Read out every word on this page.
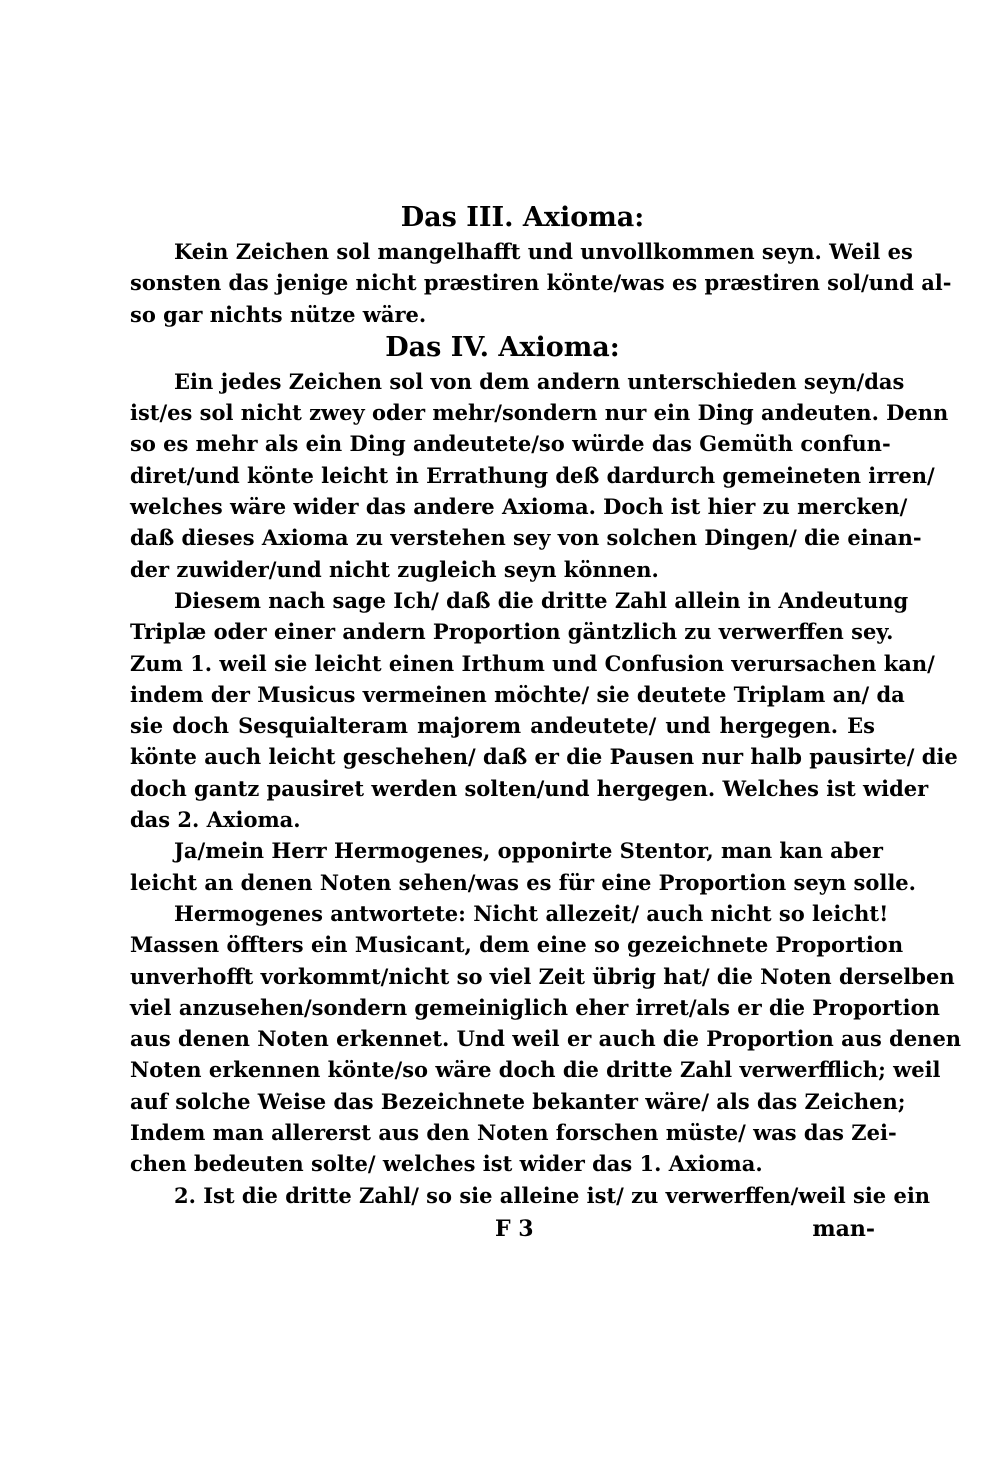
Das III. Axioma:
Kein Zeichen sol mangelhafft und unvollkommen seyn. Weil es
sonsten das jenige nicht præstiren könte/was es præstiren sol/und al-
so gar nichts nütze wäre.
Das IV. Axioma:
Ein jedes Zeichen sol von dem andern unterschieden seyn/das
ist/es sol nicht zwey oder mehr/sondern nur ein Ding andeuten. Denn
so es mehr als ein Ding andeutete/so würde das Gemüth confun-
diret/und könte leicht in Errathung deß dardurch gemeineten irren/
welches wäre wider das andere Axioma. Doch ist hier zu mercken/
daß dieses Axioma zu verstehen sey von solchen Dingen/ die einan-
der zuwider/und nicht zugleich seyn können.
Diesem nach sage Ich/ daß die dritte Zahl allein in Andeutung
Triplæ oder einer andern Proportion gäntzlich zu verwerffen sey.
Zum 1. weil sie leicht einen Irthum und Confusion verursachen kan/
indem der Musicus vermeinen möchte/ sie deutete Triplam an/ da
sie doch Sesquialteram majorem andeutete/ und hergegen. Es
könte auch leicht geschehen/ daß er die Pausen nur halb pausirte/ die
doch gantz pausiret werden solten/und hergegen. Welches ist wider
das 2. Axioma.
Ja/mein Herr Hermogenes, opponirte Stentor, man kan aber
leicht an denen Noten sehen/was es für eine Proportion seyn solle.
Hermogenes antwortete: Nicht allezeit/ auch nicht so leicht!
Massen öffters ein Musicant, dem eine so gezeichnete Proportion
unverhofft vorkommt/nicht so viel Zeit übrig hat/ die Noten derselben
viel anzusehen/sondern gemeiniglich eher irret/als er die Proportion
aus denen Noten erkennet. Und weil er auch die Proportion aus denen
Noten erkennen könte/so wäre doch die dritte Zahl verwerfflich; weil
auf solche Weise das Bezeichnete bekanter wäre/ als das Zeichen;
Indem man allererst aus den Noten forschen müste/ was das Zei-
chen bedeuten solte/ welches ist wider das 1. Axioma.
2. Ist die dritte Zahl/ so sie alleine ist/ zu verwerffen/weil sie ein
F 3	man-
